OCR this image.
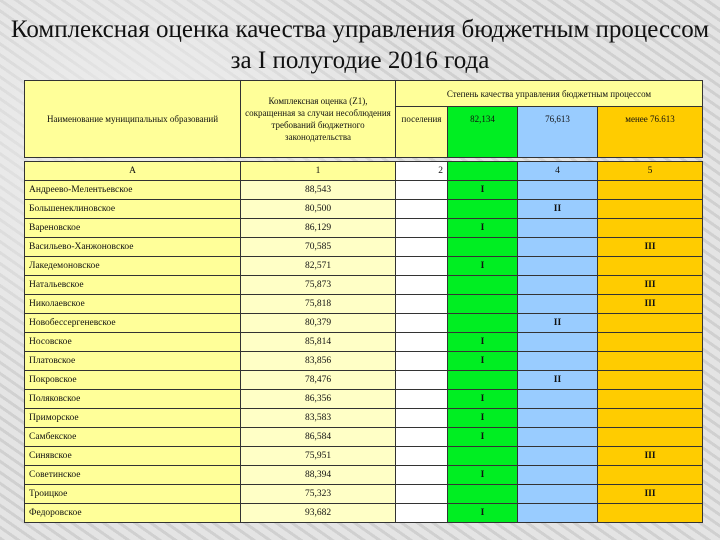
Комплексная оценка качества управления бюджетным процессом за I полугодие 2016 года
Наименование муниципальных образований	Комплексная оценка (Z1), сокращенная за случаи несоблюдения требований бюджетного законодательства	Степень качества управления бюджетным процессом			
		поселения	82,134	76,613	менее 76.613

А	1	2		4	5
Андреево-Мелентьевское	88,543		I		
Большенеклиновское	80,500			II	
Вареновское	86,129		I		
Васильево-Ханжоновское	70,585				III
Лакедемоновское	82,571		I		
Натальевское	75,873				III
Николаевское	75,818				III
Новобессергеневское	80,379			II	
Носовское	85,814		I		
Платовское	83,856		I		
Покровское	78,476			II	
Поляковское	86,356		I		
Приморское	83,583		I		
Самбекское	86,584		I		
Синявское	75,951				III
Советинское	88,394		I		
Троицкое	75,323				III
Федоровское	93,682		I		
